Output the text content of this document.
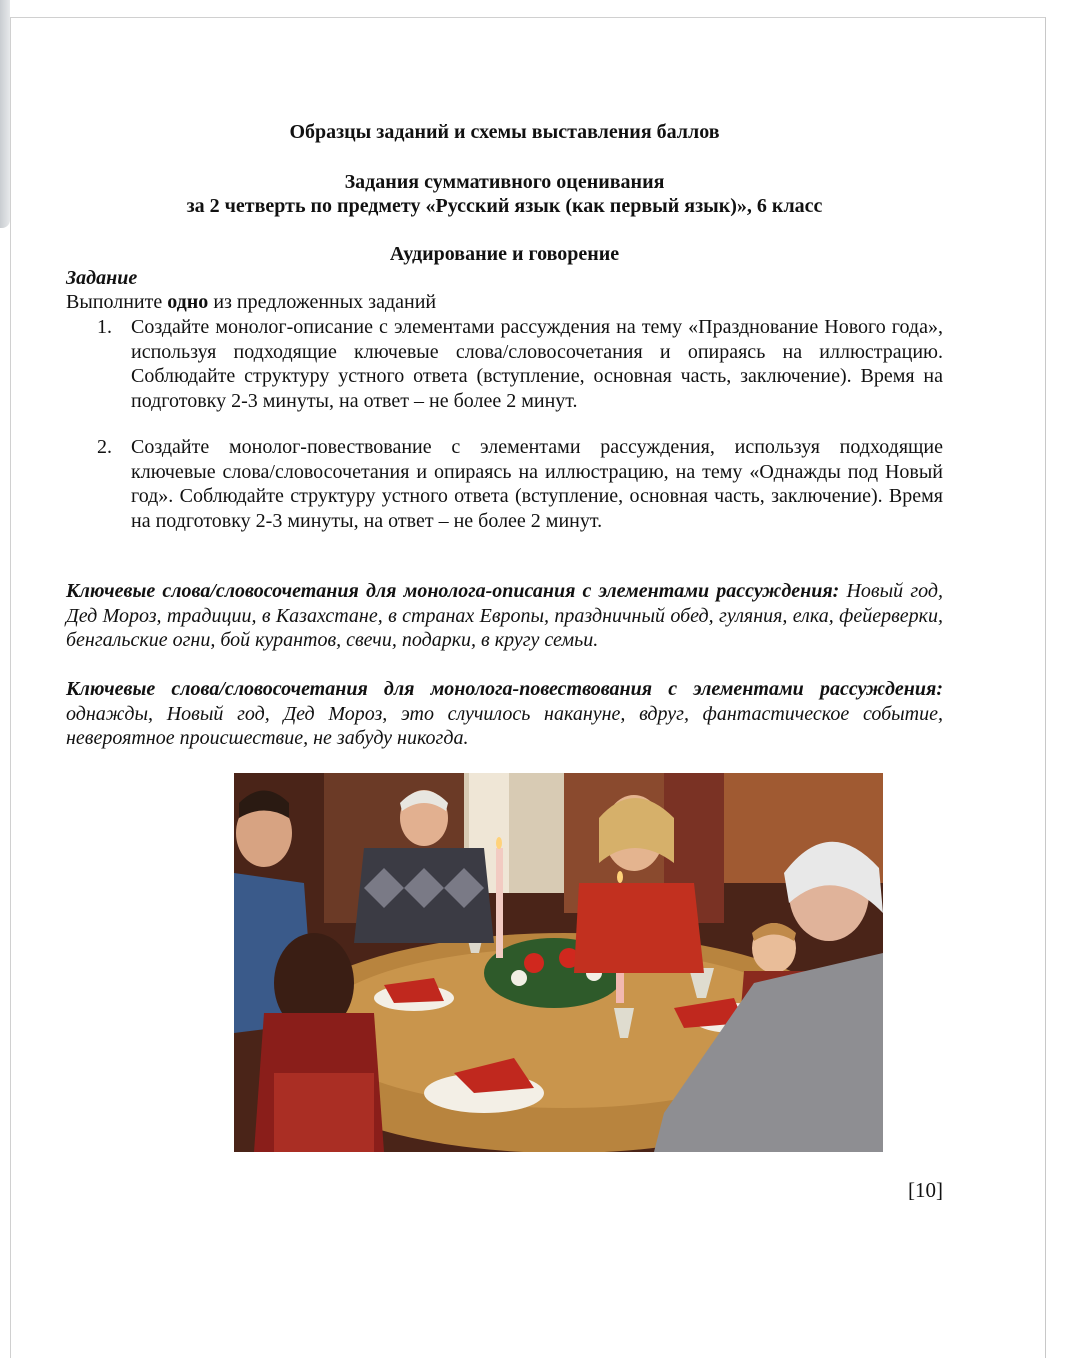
Образцы заданий и схемы выставления баллов

Задания суммативного оценивания

за 2 четверть по предмету «Русский язык (как первый язык)», 6 класс

Аудирование и говорение

Задание
Выполните одно из предложенных заданий
1. Создайте монолог-описание с элементами рассуждения на тему «Празднование Нового года», используя подходящие ключевые слова/словосочетания и опираясь на иллюстрацию. Соблюдайте структуру устного ответа (вступление, основная часть, заключение). Время на подготовку 2-3 минуты, на ответ – не более 2 минут.
2. Создайте монолог-повествование с элементами рассуждения, используя подходящие ключевые слова/словосочетания и опираясь на иллюстрацию, на тему «Однажды под Новый год». Соблюдайте структуру устного ответа (вступление, основная часть, заключение). Время на подготовку 2-3 минуты, на ответ – не более 2 минут.

Ключевые слова/словосочетания для монолога-описания с элементами рассуждения: Новый год, Дед Мороз, традиции, в Казахстане, в странах Европы, праздничный обед, гуляния, елка, фейерверки, бенгальские огни, бой курантов, свечи, подарки, в кругу семьи.

Ключевые слова/словосочетания для монолога-повествования с элементами рассуждения: однажды, Новый год, Дед Мороз, это случилось накануне, вдруг, фантастическое событие, невероятное происшествие, не забуду никогда.

[10]
